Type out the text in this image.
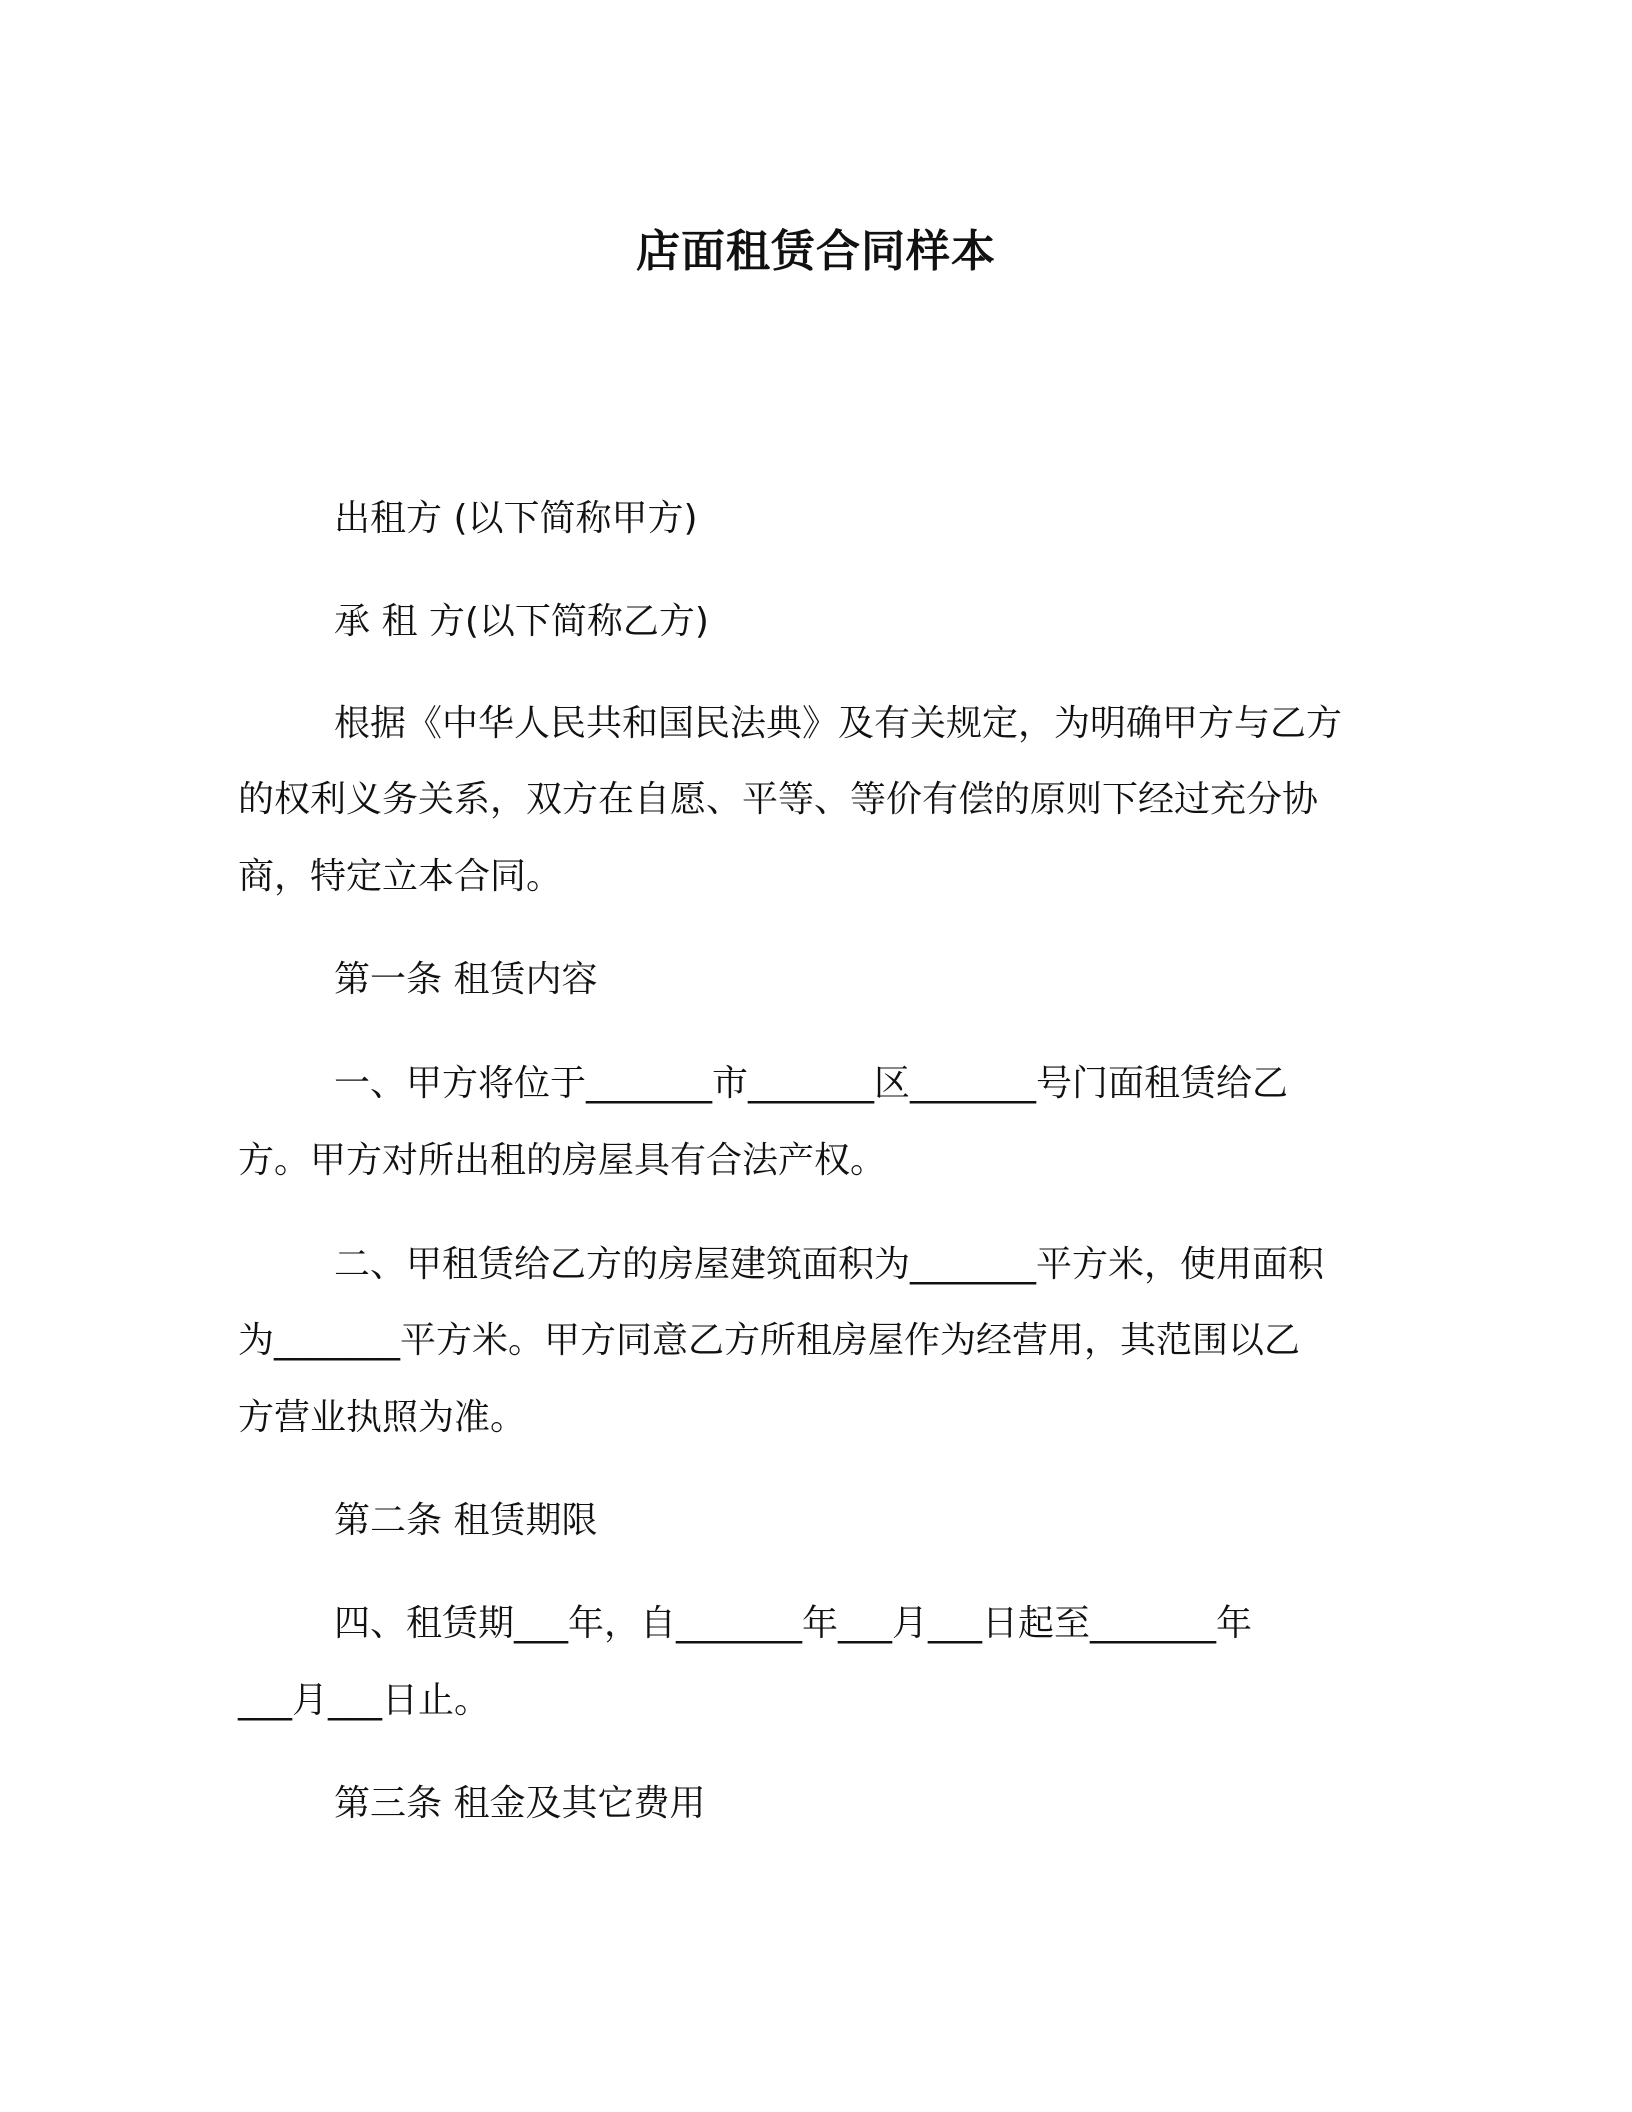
店面租赁合同样本
出租方 (以下简称甲方)
承 租 方(以下简称乙方)
根据《中华人民共和国民法典》及有关规定，为明确甲方与乙方
的权利义务关系，双方在自愿、平等、等价有偿的原则下经过充分协
商，特定立本合同。
第一条 租赁内容
一、甲方将位于_______市_______区_______号门面租赁给乙
方。甲方对所出租的房屋具有合法产权。
二、甲租赁给乙方的房屋建筑面积为_______平方米，使用面积
为_______平方米。甲方同意乙方所租房屋作为经营用，其范围以乙
方营业执照为准。
第二条 租赁期限
四、租赁期___年，自_______年___月___日起至_______年
___月___日止。
第三条 租金及其它费用
